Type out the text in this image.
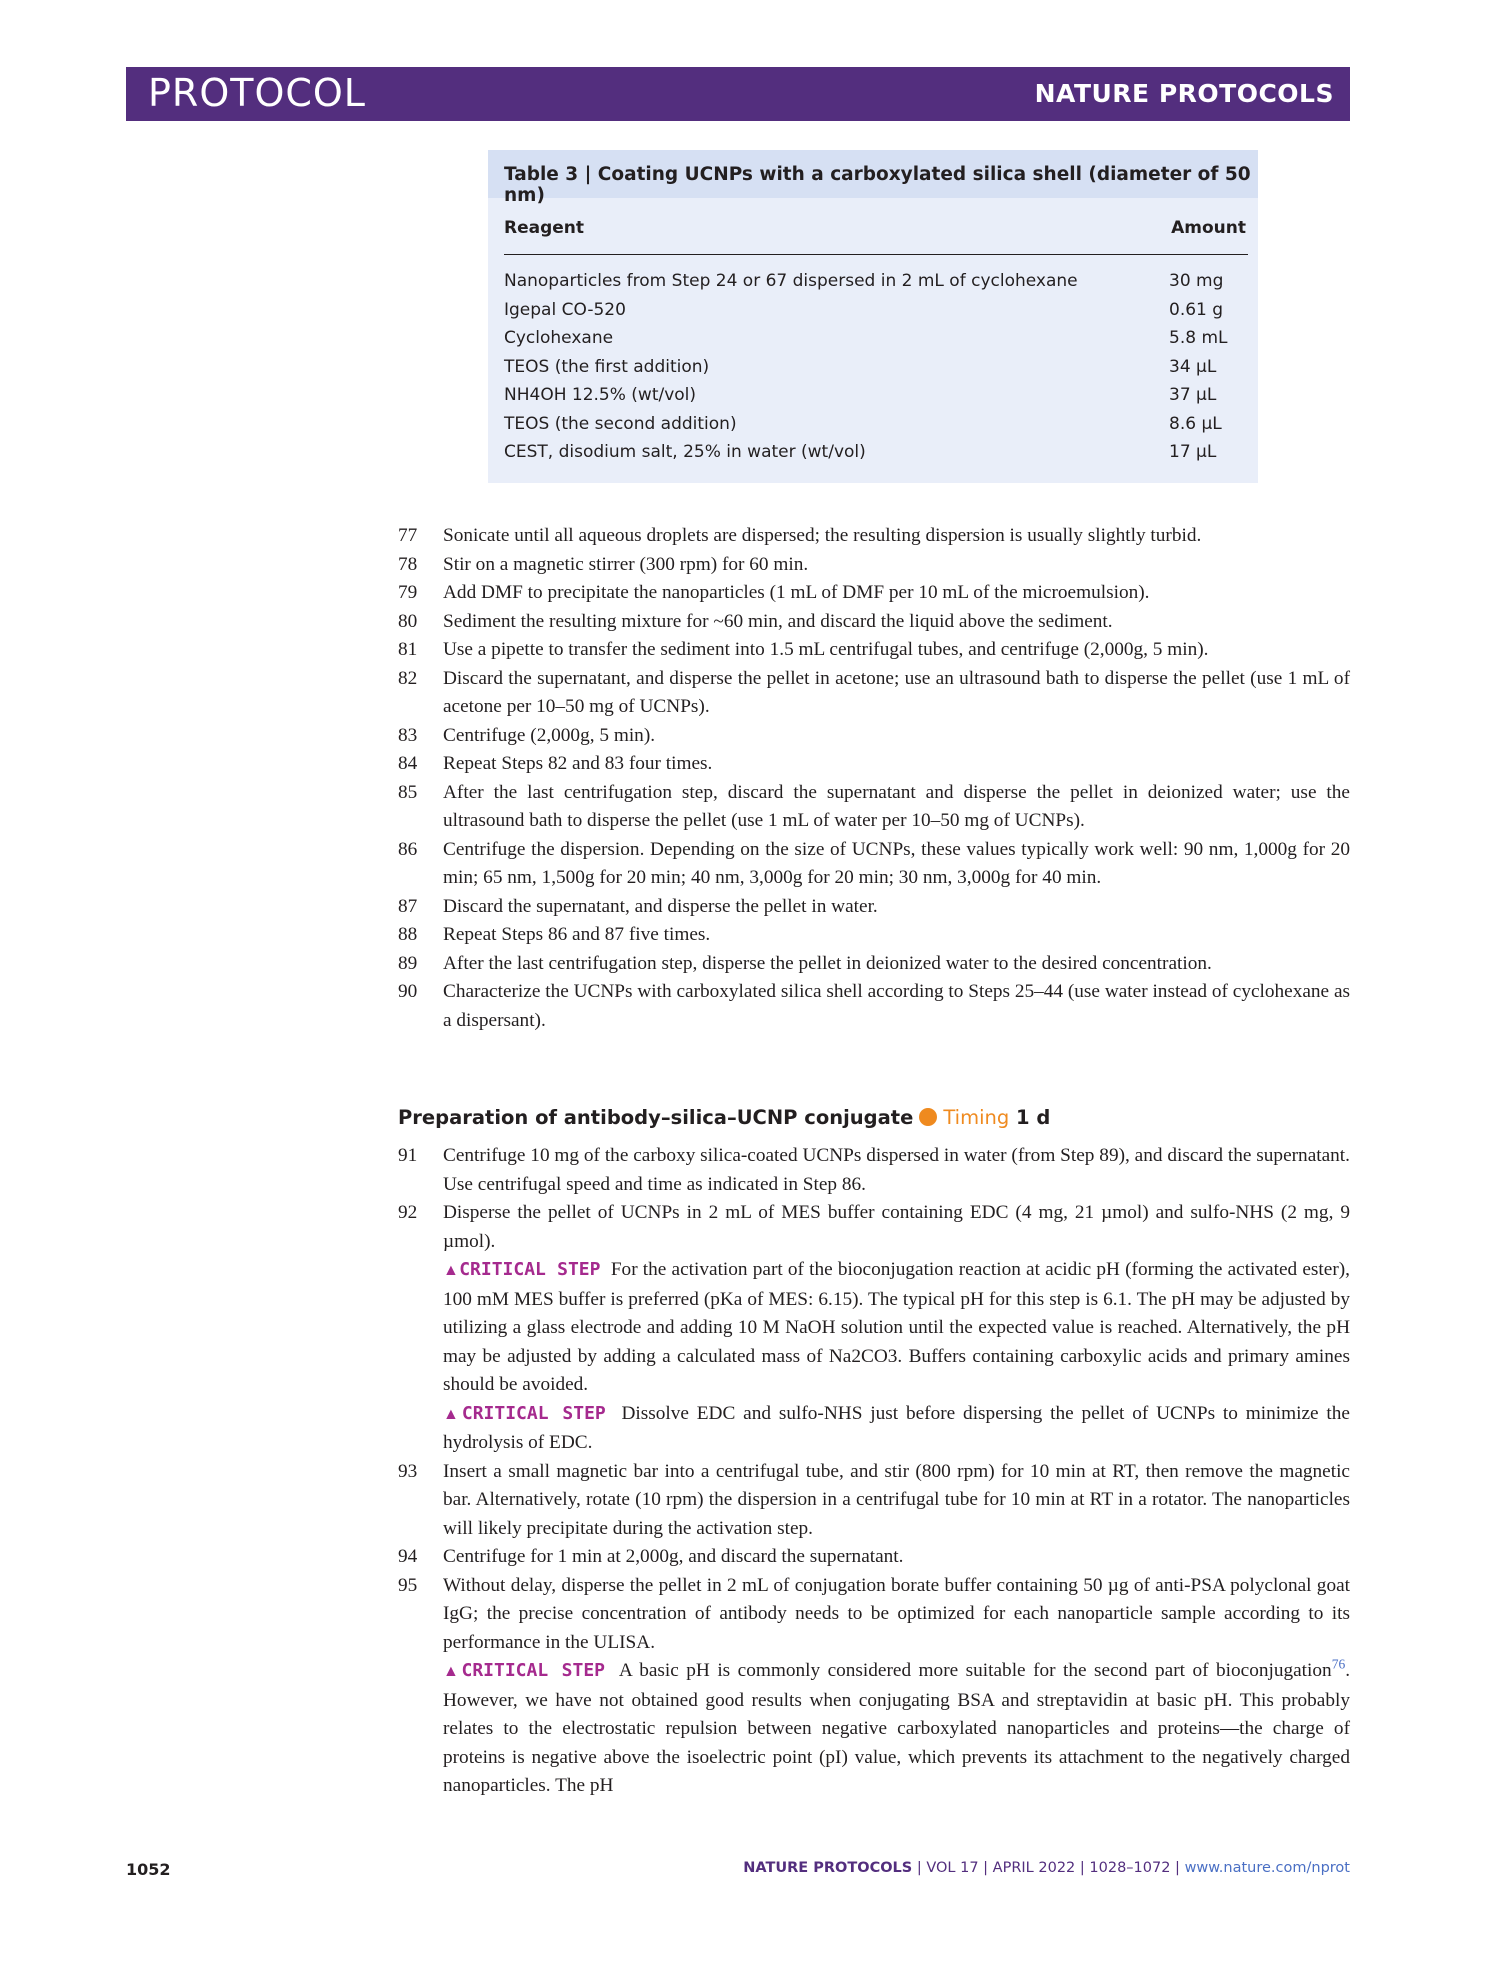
PROTOCOL	NATURE PROTOCOLS
Table 3 | Coating UCNPs with a carboxylated silica shell (diameter of 50 nm)
Reagent	Amount
Nanoparticles from Step 24 or 67 dispersed in 2 mL of cyclohexane	30 mg
Igepal CO-520	0.61 g
Cyclohexane	5.8 mL
TEOS (the first addition)	34 µL
NH4OH 12.5% (wt/vol)	37 µL
TEOS (the second addition)	8.6 µL
CEST, disodium salt, 25% in water (wt/vol)	17 µL
77	Sonicate until all aqueous droplets are dispersed; the resulting dispersion is usually slightly turbid.
78	Stir on a magnetic stirrer (300 rpm) for 60 min.
79	Add DMF to precipitate the nanoparticles (1 mL of DMF per 10 mL of the microemulsion).
80	Sediment the resulting mixture for ~60 min, and discard the liquid above the sediment.
81	Use a pipette to transfer the sediment into 1.5 mL centrifugal tubes, and centrifuge (2,000g, 5 min).
82	Discard the supernatant, and disperse the pellet in acetone; use an ultrasound bath to disperse the pellet (use 1 mL of acetone per 10–50 mg of UCNPs).
83	Centrifuge (2,000g, 5 min).
84	Repeat Steps 82 and 83 four times.
85	After the last centrifugation step, discard the supernatant and disperse the pellet in deionized water; use the ultrasound bath to disperse the pellet (use 1 mL of water per 10–50 mg of UCNPs).
86	Centrifuge the dispersion. Depending on the size of UCNPs, these values typically work well: 90 nm, 1,000g for 20 min; 65 nm, 1,500g for 20 min; 40 nm, 3,000g for 20 min; 30 nm, 3,000g for 40 min.
87	Discard the supernatant, and disperse the pellet in water.
88	Repeat Steps 86 and 87 five times.
89	After the last centrifugation step, disperse the pellet in deionized water to the desired concentration.
90	Characterize the UCNPs with carboxylated silica shell according to Steps 25–44 (use water instead of cyclohexane as a dispersant).
Preparation of antibody–silica–UCNP conjugate Timing 1 d
91	Centrifuge 10 mg of the carboxy silica-coated UCNPs dispersed in water (from Step 89), and discard the supernatant. Use centrifugal speed and time as indicated in Step 86.
92	Disperse the pellet of UCNPs in 2 mL of MES buffer containing EDC (4 mg, 21 µmol) and sulfo-NHS (2 mg, 9 µmol).
▲CRITICAL STEP For the activation part of the bioconjugation reaction at acidic pH (forming the activated ester), 100 mM MES buffer is preferred (pKa of MES: 6.15). The typical pH for this step is 6.1. The pH may be adjusted by utilizing a glass electrode and adding 10 M NaOH solution until the expected value is reached. Alternatively, the pH may be adjusted by adding a calculated mass of Na2CO3. Buffers containing carboxylic acids and primary amines should be avoided.
▲CRITICAL STEP Dissolve EDC and sulfo-NHS just before dispersing the pellet of UCNPs to minimize the hydrolysis of EDC.
93	Insert a small magnetic bar into a centrifugal tube, and stir (800 rpm) for 10 min at RT, then remove the magnetic bar. Alternatively, rotate (10 rpm) the dispersion in a centrifugal tube for 10 min at RT in a rotator. The nanoparticles will likely precipitate during the activation step.
94	Centrifuge for 1 min at 2,000g, and discard the supernatant.
95	Without delay, disperse the pellet in 2 mL of conjugation borate buffer containing 50 µg of anti-PSA polyclonal goat IgG; the precise concentration of antibody needs to be optimized for each nanoparticle sample according to its performance in the ULISA.
▲CRITICAL STEP A basic pH is commonly considered more suitable for the second part of bioconjugation$^{76}$. However, we have not obtained good results when conjugating BSA and streptavidin at basic pH. This probably relates to the electrostatic repulsion between negative carboxylated nanoparticles and proteins—the charge of proteins is negative above the isoelectric point (pI) value, which prevents its attachment to the negatively charged nanoparticles. The pH
1052	NATURE PROTOCOLS | VOL 17 | APRIL 2022 | 1028–1072 | www.nature.com/nprot
